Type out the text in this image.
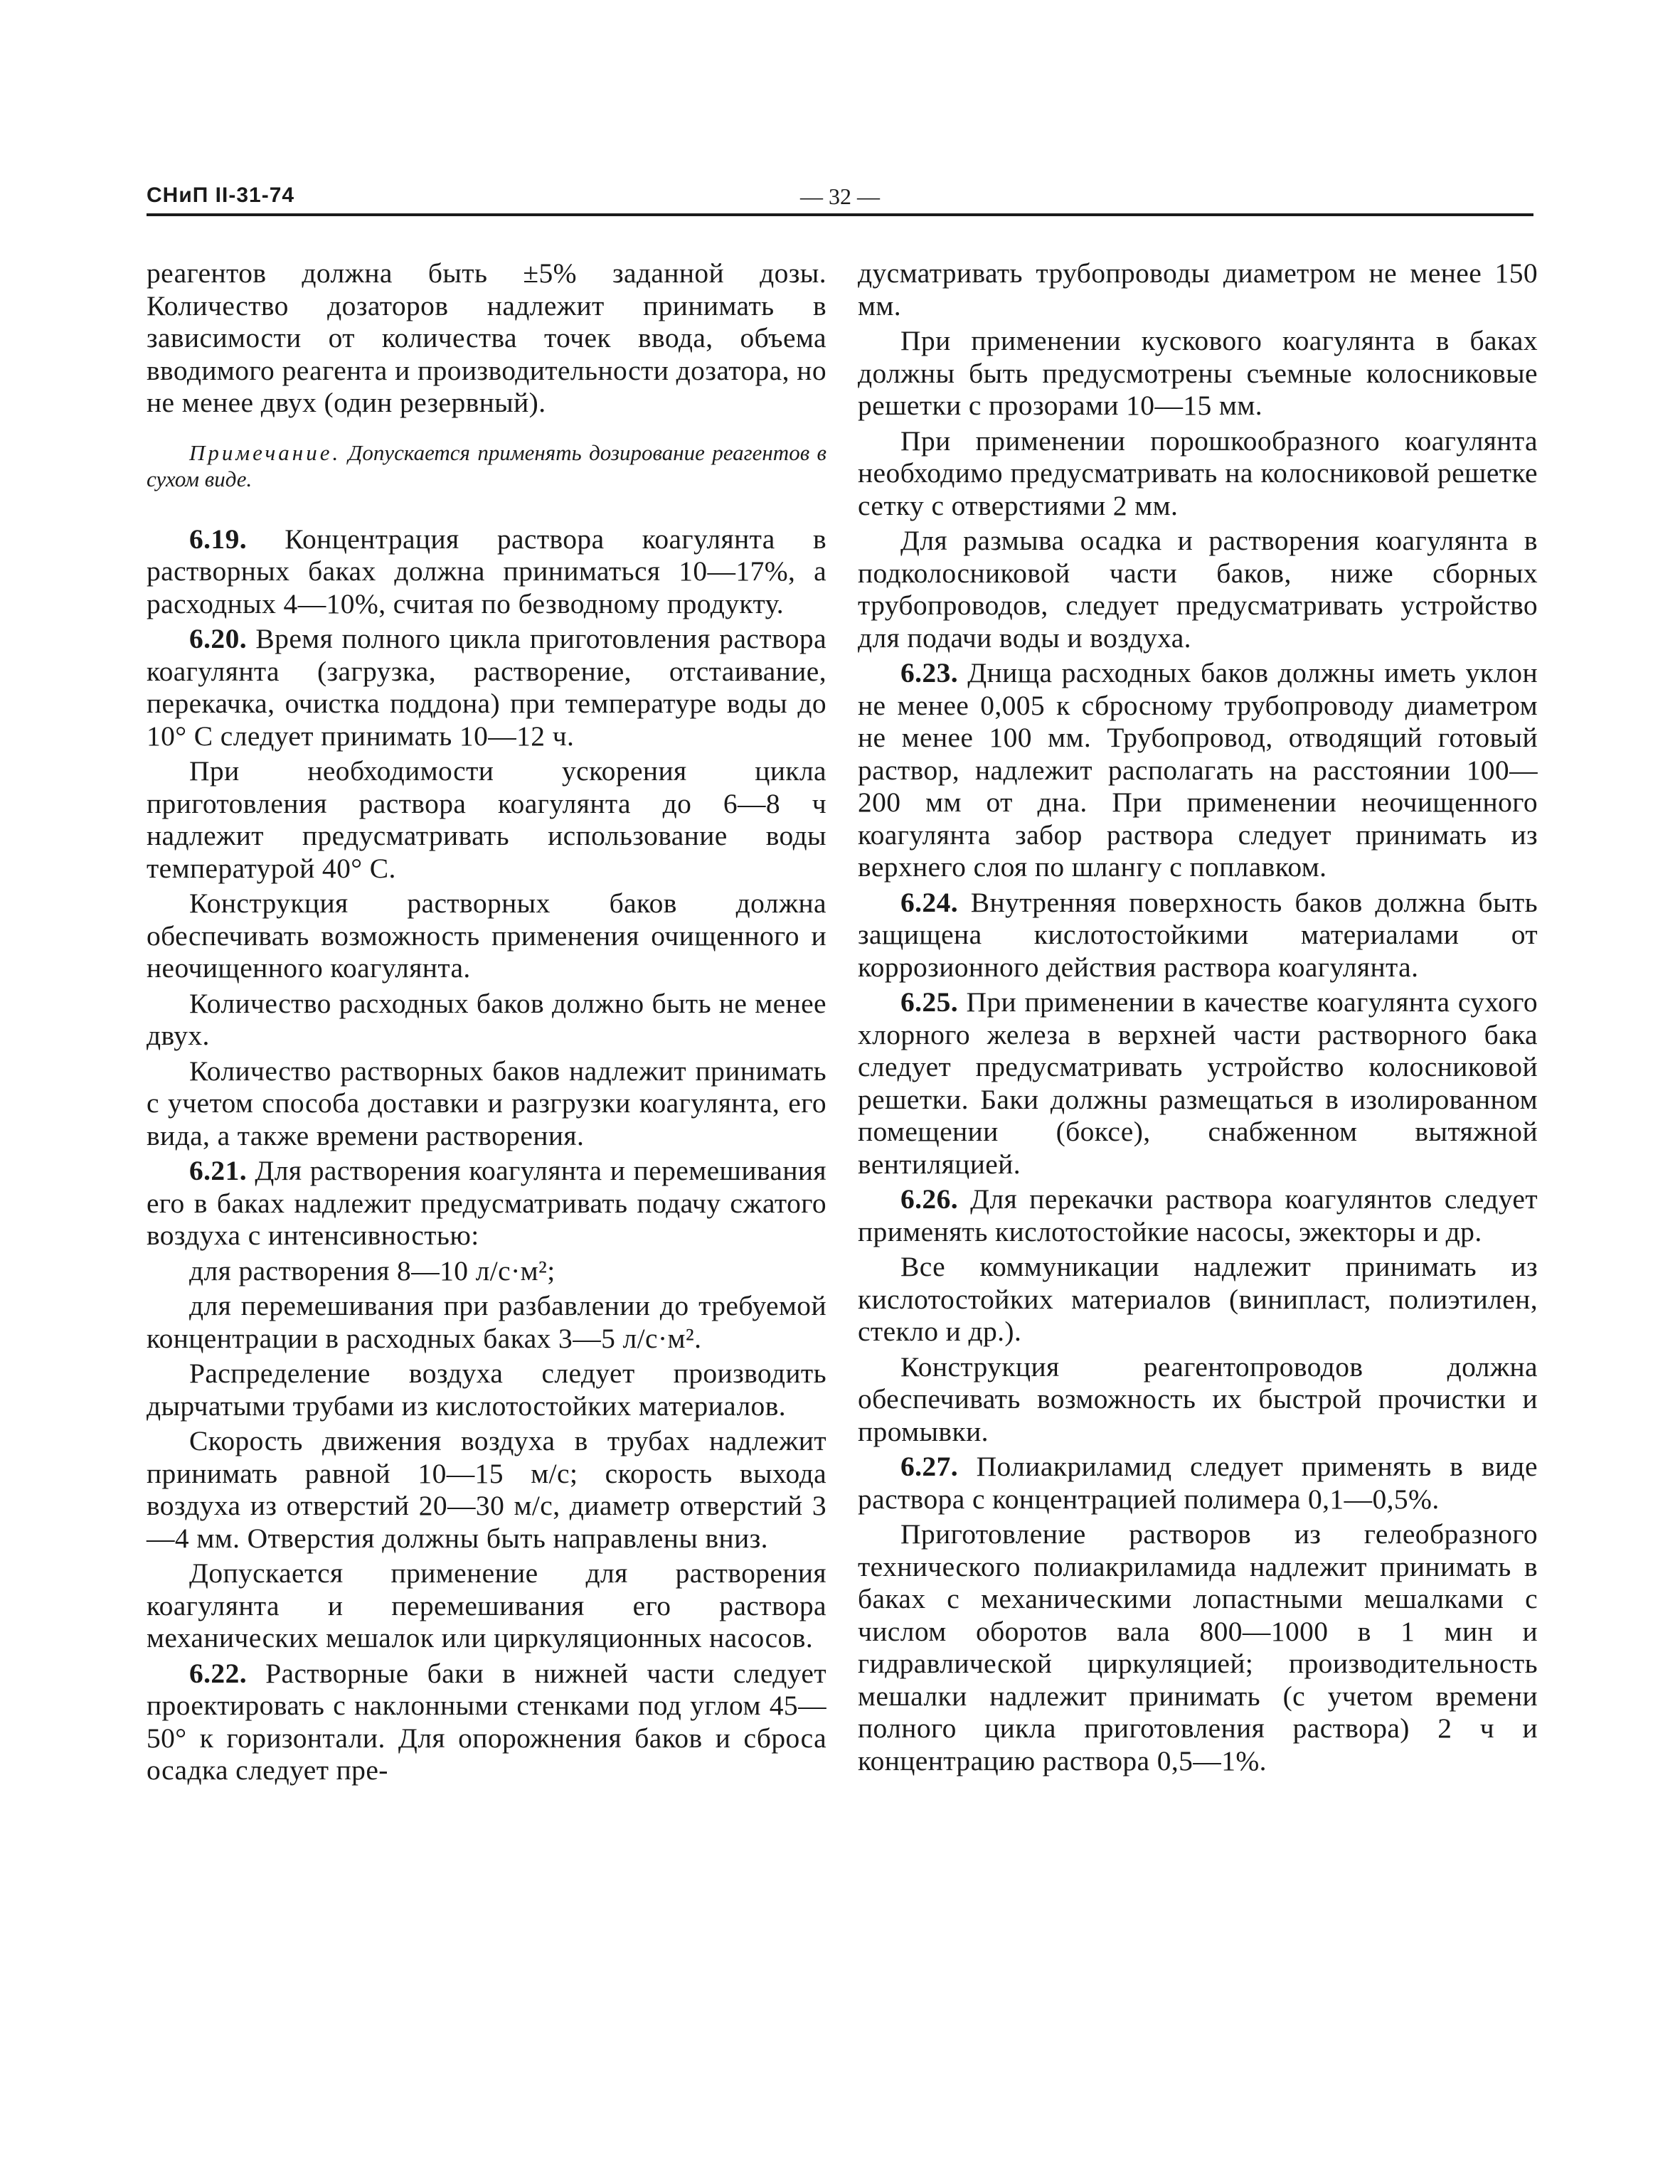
СНиП II-31-74	— 32 —

реагентов должна быть ±5% заданной дозы. Количество дозаторов надлежит принимать в зависимости от количества точек ввода, объема вводимого реагента и производительности дозатора, но не менее двух (один резервный).

Примечание. Допускается применять дозирование реагентов в сухом виде.

6.19. Концентрация раствора коагулянта в растворных баках должна приниматься 10—17%, а расходных 4—10%, считая по безводному продукту.

6.20. Время полного цикла приготовления раствора коагулянта (загрузка, растворение, отстаивание, перекачка, очистка поддона) при температуре воды до 10° С следует принимать 10—12 ч.

При необходимости ускорения цикла приготовления раствора коагулянта до 6—8 ч надлежит предусматривать использование воды температурой 40° С.

Конструкция растворных баков должна обеспечивать возможность применения очищенного и неочищенного коагулянта.

Количество расходных баков должно быть не менее двух.

Количество растворных баков надлежит принимать с учетом способа доставки и разгрузки коагулянта, его вида, а также времени растворения.

6.21. Для растворения коагулянта и перемешивания его в баках надлежит предусматривать подачу сжатого воздуха с интенсивностью:

для растворения 8—10 л/с·м²;

для перемешивания при разбавлении до требуемой концентрации в расходных баках 3—5 л/с·м².

Распределение воздуха следует производить дырчатыми трубами из кислотостойких материалов.

Скорость движения воздуха в трубах надлежит принимать равной 10—15 м/с; скорость выхода воздуха из отверстий 20—30 м/с, диаметр отверстий 3—4 мм. Отверстия должны быть направлены вниз.

Допускается применение для растворения коагулянта и перемешивания его раствора механических мешалок или циркуляционных насосов.

6.22. Растворные баки в нижней части следует проектировать с наклонными стенками под углом 45—50° к горизонтали. Для опорожнения баков и сброса осадка следует пре-

дусматривать трубопроводы диаметром не менее 150 мм.

При применении кускового коагулянта в баках должны быть предусмотрены съемные колосниковые решетки с прозорами 10—15 мм.

При применении порошкообразного коагулянта необходимо предусматривать на колосниковой решетке сетку с отверстиями 2 мм.

Для размыва осадка и растворения коагулянта в подколосниковой части баков, ниже сборных трубопроводов, следует предусматривать устройство для подачи воды и воздуха.

6.23. Днища расходных баков должны иметь уклон не менее 0,005 к сбросному трубопроводу диаметром не менее 100 мм. Трубопровод, отводящий готовый раствор, надлежит располагать на расстоянии 100—200 мм от дна. При применении неочищенного коагулянта забор раствора следует принимать из верхнего слоя по шлангу с поплавком.

6.24. Внутренняя поверхность баков должна быть защищена кислотостойкими материалами от коррозионного действия раствора коагулянта.

6.25. При применении в качестве коагулянта сухого хлорного железа в верхней части растворного бака следует предусматривать устройство колосниковой решетки. Баки должны размещаться в изолированном помещении (боксе), снабженном вытяжной вентиляцией.

6.26. Для перекачки раствора коагулянтов следует применять кислотостойкие насосы, эжекторы и др.

Все коммуникации надлежит принимать из кислотостойких материалов (винипласт, полиэтилен, стекло и др.).

Конструкция реагентопроводов должна обеспечивать возможность их быстрой прочистки и промывки.

6.27. Полиакриламид следует применять в виде раствора с концентрацией полимера 0,1—0,5%.

Приготовление растворов из гелеобразного технического полиакриламида надлежит принимать в баках с механическими лопастными мешалками с числом оборотов вала 800—1000 в 1 мин и гидравлической циркуляцией; производительность мешалки надлежит принимать (с учетом времени полного цикла приготовления раствора) 2 ч и концентрацию раствора 0,5—1%.
